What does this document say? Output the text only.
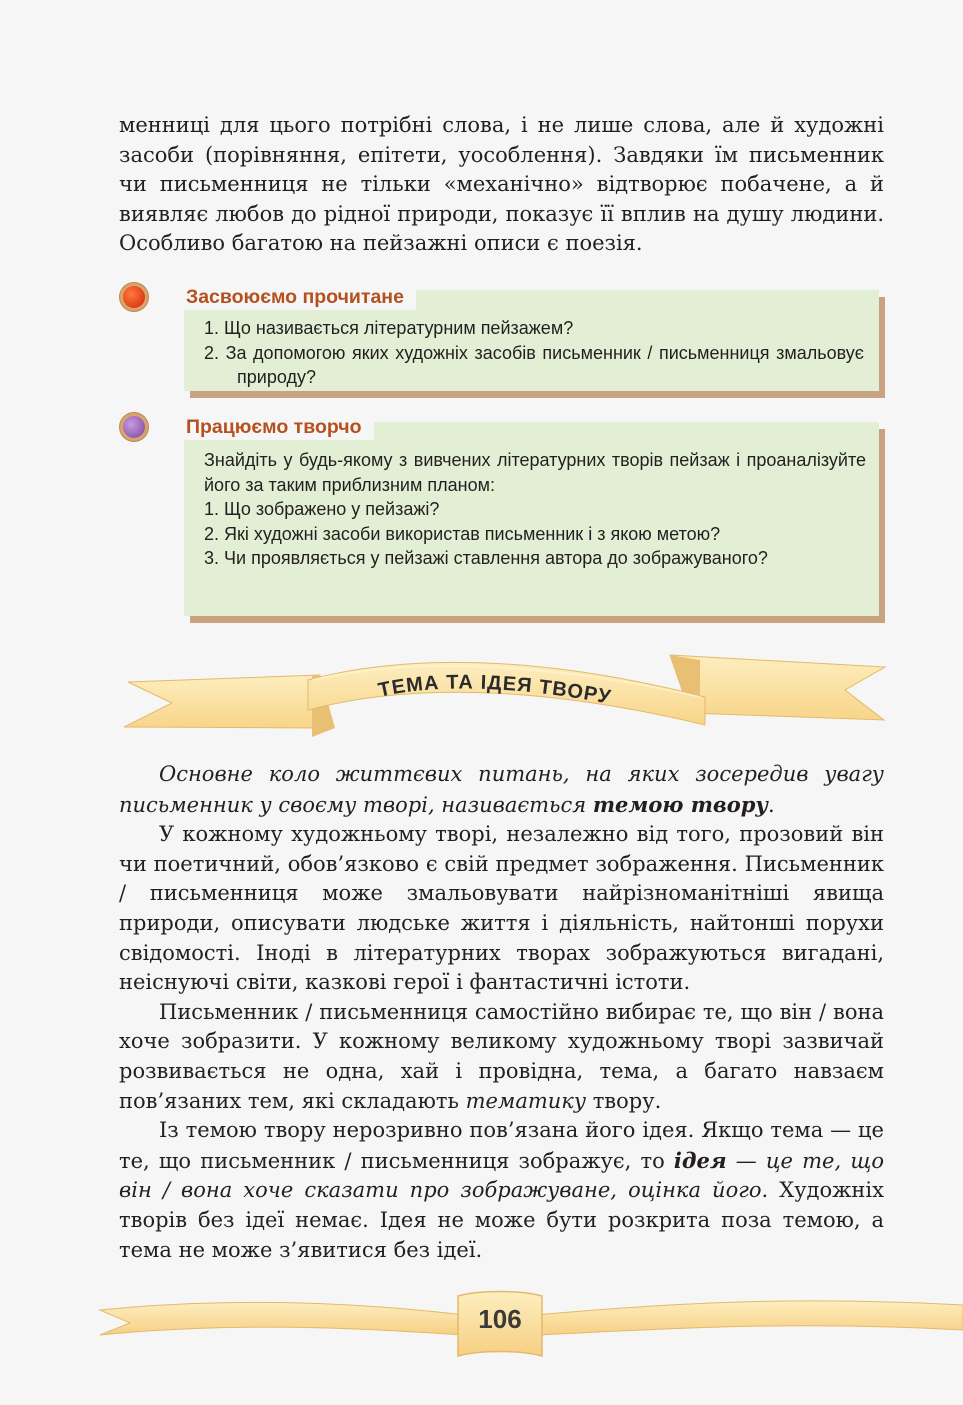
менниці для цього потрібні слова, і не лише слова, але й художні засоби (порівняння, епітети, уособлення). Завдяки їм письменник чи письменниця не тільки «механічно» відтворює побачене, а й виявляє любов до рідної природи, показує її вплив на душу людини. Особливо багатою на пейзажні описи є поезія.

1. Що називається літературним пейзажем?
2. За допомогою яких художніх засобів письменник / письменниця змальовує природу?
Засвоюємо прочитане

Знайдіть у будь-якому з вивчених літературних творів пейзаж і проаналізуйте його за таким приблизним планом:

1. Що зображено у пейзажі?
2. Які художні засоби використав письменник і з якою метою?
3. Чи проявляється у пейзажі ставлення автора до зображуваного?
Працюємо творчо
ТЕМА ТА ІДЕЯ ТВОРУ

Основне коло життєвих питань, на яких зосередив увагу письменник у своєму творі, називається темою твору.

У кожному художньому творі, незалежно від того, прозовий він чи поетичний, обов’язково є свій предмет зображення. Письменник / письменниця може змальовувати найрізноманітніші явища природи, описувати людське життя і діяльність, найтонші порухи свідомості. Іноді в літературних творах зображуються вигадані, неіснуючі світи, казкові герої і фантастичні істоти.

Письменник / письменниця самостійно вибирає те, що він / вона хоче зобразити. У кожному великому художньому творі зазвичай розвивається не одна, хай і провідна, тема, а багато навзаєм пов’язаних тем, які складають тематику твору.

Із темою твору нерозривно пов’язана його ідея. Якщо тема — це те, що письменник / письменниця зображує, то ідея — це те, що він / вона хоче сказати про зображуване, оцінка його. Художніх творів без ідеї немає. Ідея не може бути розкрита поза темою, а тема не може з’явитися без ідеї.

106
